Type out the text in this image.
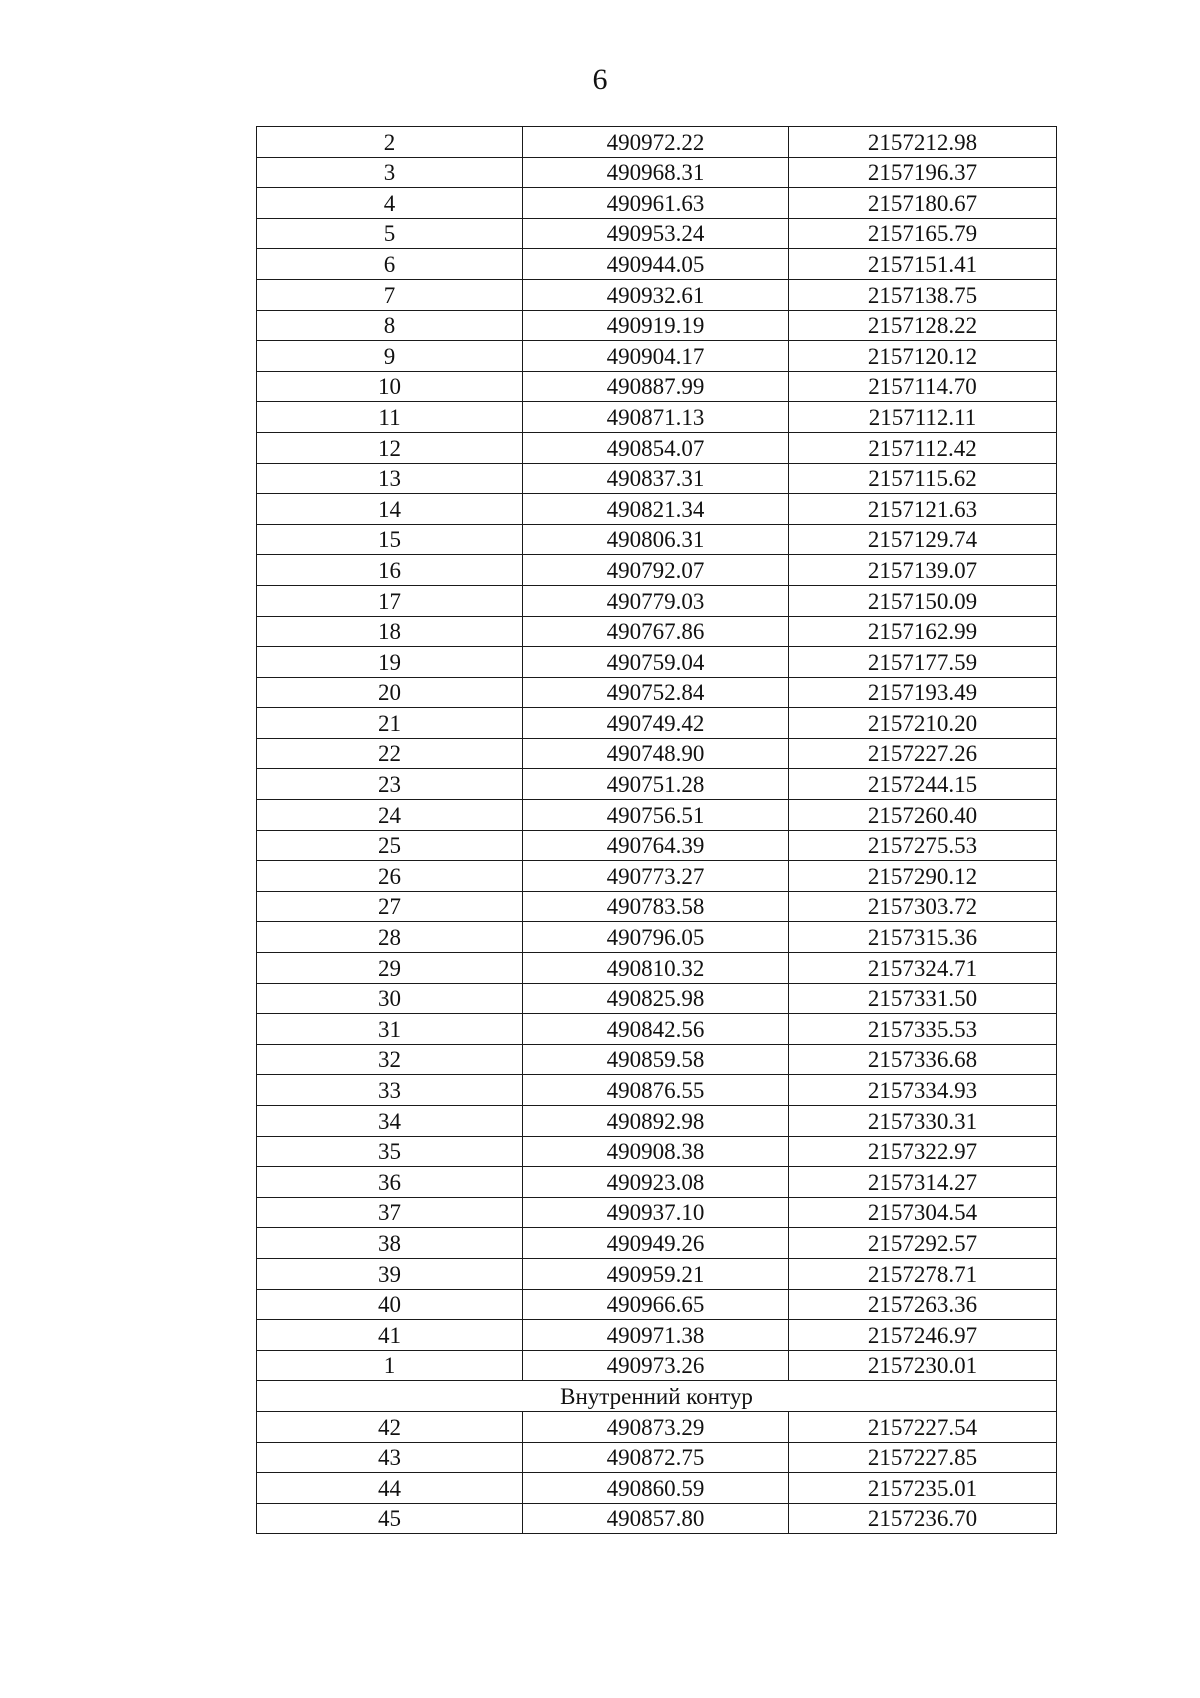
6
2	490972.22	2157212.98
3	490968.31	2157196.37
4	490961.63	2157180.67
5	490953.24	2157165.79
6	490944.05	2157151.41
7	490932.61	2157138.75
8	490919.19	2157128.22
9	490904.17	2157120.12
10	490887.99	2157114.70
11	490871.13	2157112.11
12	490854.07	2157112.42
13	490837.31	2157115.62
14	490821.34	2157121.63
15	490806.31	2157129.74
16	490792.07	2157139.07
17	490779.03	2157150.09
18	490767.86	2157162.99
19	490759.04	2157177.59
20	490752.84	2157193.49
21	490749.42	2157210.20
22	490748.90	2157227.26
23	490751.28	2157244.15
24	490756.51	2157260.40
25	490764.39	2157275.53
26	490773.27	2157290.12
27	490783.58	2157303.72
28	490796.05	2157315.36
29	490810.32	2157324.71
30	490825.98	2157331.50
31	490842.56	2157335.53
32	490859.58	2157336.68
33	490876.55	2157334.93
34	490892.98	2157330.31
35	490908.38	2157322.97
36	490923.08	2157314.27
37	490937.10	2157304.54
38	490949.26	2157292.57
39	490959.21	2157278.71
40	490966.65	2157263.36
41	490971.38	2157246.97
1	490973.26	2157230.01
Внутренний контур		
42	490873.29	2157227.54
43	490872.75	2157227.85
44	490860.59	2157235.01
45	490857.80	2157236.70
